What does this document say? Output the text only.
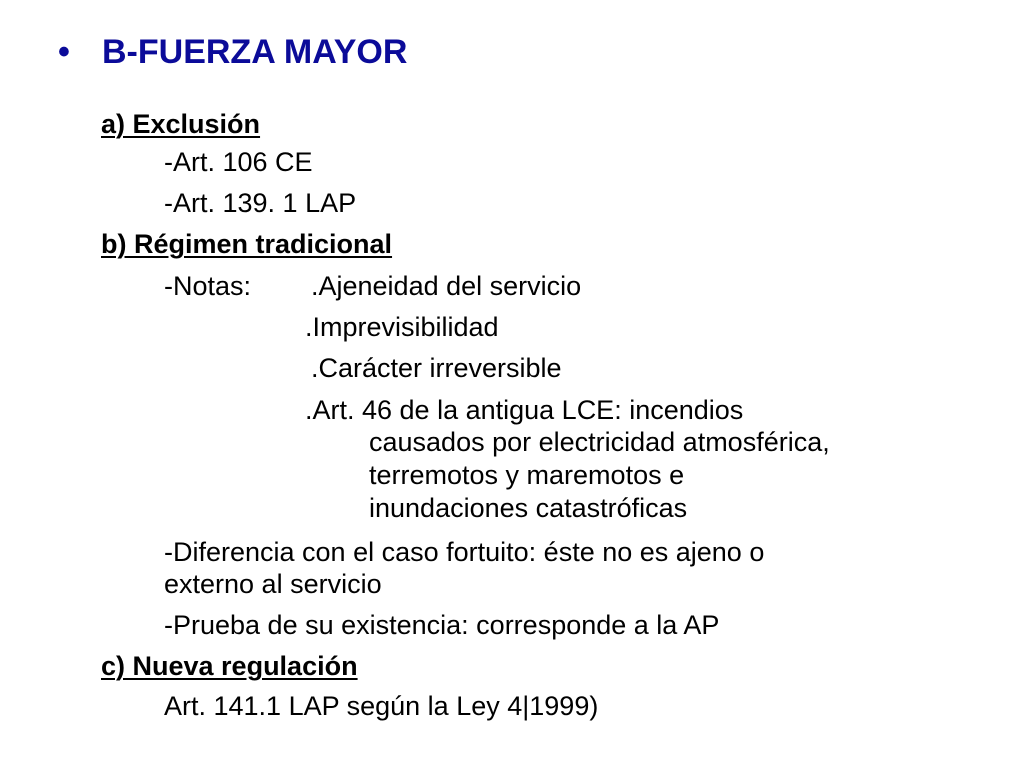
• B-FUERZA MAYOR
a) Exclusión
-Art. 106 CE
-Art. 139. 1 LAP
b) Régimen tradicional
-Notas: .Ajeneidad del servicio
.Imprevisibilidad
.Carácter irreversible
.Art. 46 de la antigua LCE: incendios
causados por electricidad atmosférica,
terremotos y maremotos e
inundaciones catastróficas
-Diferencia con el caso fortuito: éste no es ajeno o
externo al servicio
-Prueba de su existencia: corresponde a la AP
c) Nueva regulación
Art. 141.1 LAP según la Ley 4|1999)
